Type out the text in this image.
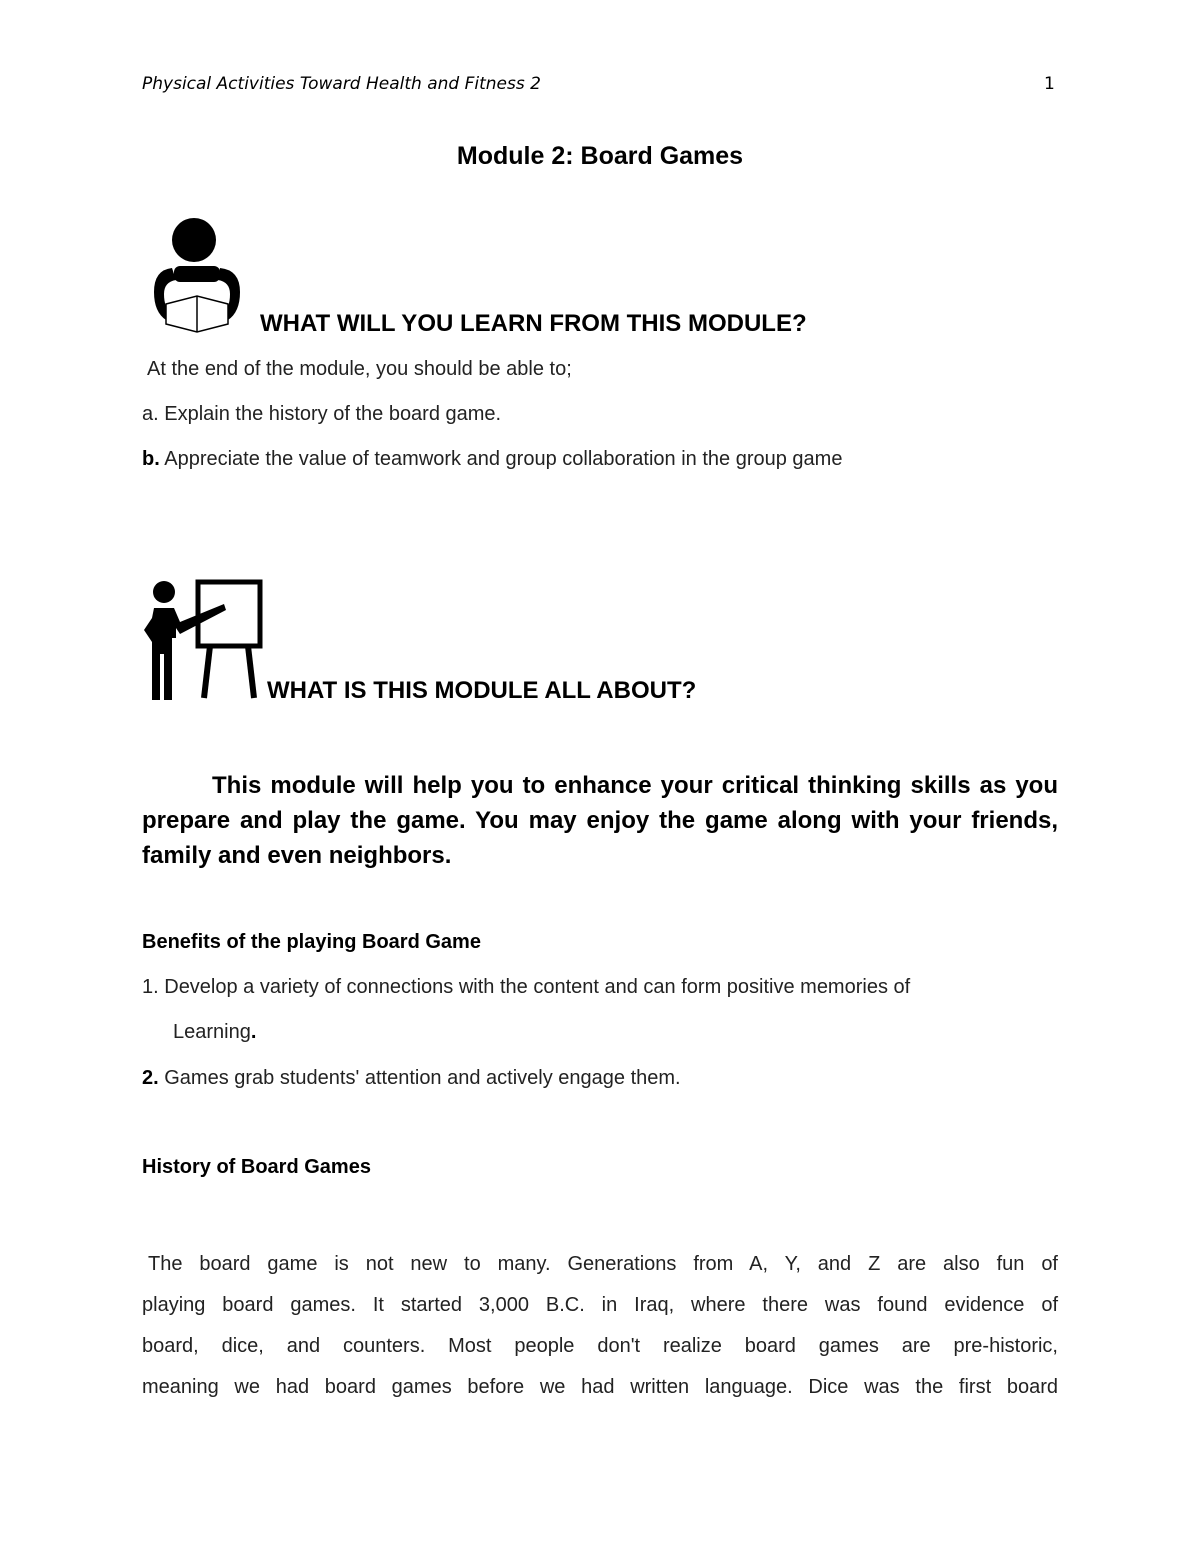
Physical Activities Toward Health and Fitness 2	1
Module 2: Board Games
WHAT WILL YOU LEARN FROM THIS MODULE?
At the end of the module, you should be able to;
a. Explain the history of the board game.
b. Appreciate the value of teamwork and group collaboration in the group game
WHAT IS THIS MODULE ALL ABOUT?
This module will help you to enhance your critical thinking skills as you prepare and play the game. You may enjoy the game along with your friends, family and even neighbors.
Benefits of the playing Board Game
1. Develop a variety of connections with the content and can form positive memories of
Learning.
2. Games grab students' attention and actively engage them.
History of Board Games
The board game is not new to many. Generations from A, Y, and Z are also fun of
playing board games. It started 3,000 B.C. in Iraq, where there was found evidence of
board, dice, and counters. Most people don't realize board games are pre-historic,
meaning we had board games before we had written language. Dice was the first board
